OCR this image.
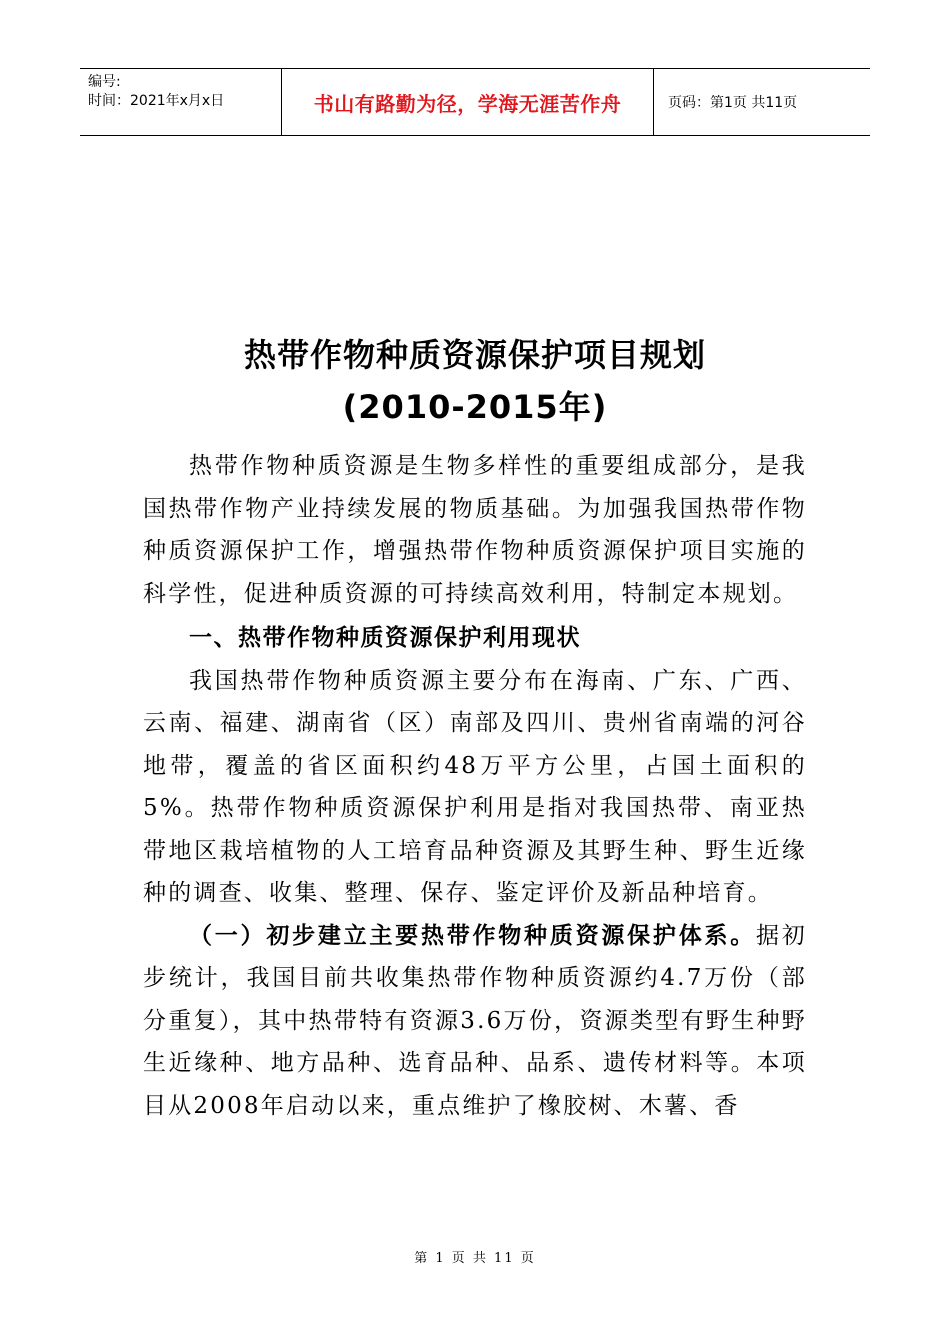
编号:
时间：2021年x月x日	书山有路勤为径，学海无涯苦作舟	页码：第1页 共11页
热带作物种质资源保护项目规划
(2010-2015年)

热带作物种质资源是生物多样性的重要组成部分，是我国热带作物产业持续发展的物质基础。为加强我国热带作物种质资源保护工作，增强热带作物种质资源保护项目实施的科学性，促进种质资源的可持续高效利用，特制定本规划。

一、热带作物种质资源保护利用现状

我国热带作物种质资源主要分布在海南、广东、广西、云南、福建、湖南省（区）南部及四川、贵州省南端的河谷地带，覆盖的省区面积约48万平方公里，占国土面积的5%。热带作物种质资源保护利用是指对我国热带、南亚热带地区栽培植物的人工培育品种资源及其野生种、野生近缘种的调查、收集、整理、保存、鉴定评价及新品种培育。

（一）初步建立主要热带作物种质资源保护体系。据初步统计，我国目前共收集热带作物种质资源约4.7万份（部分重复），其中热带特有资源3.6万份，资源类型有野生种野生近缘种、地方品种、选育品种、品系、遗传材料等。本项目从2008年启动以来，重点维护了橡胶树、木薯、香

第 1 页 共 11 页
